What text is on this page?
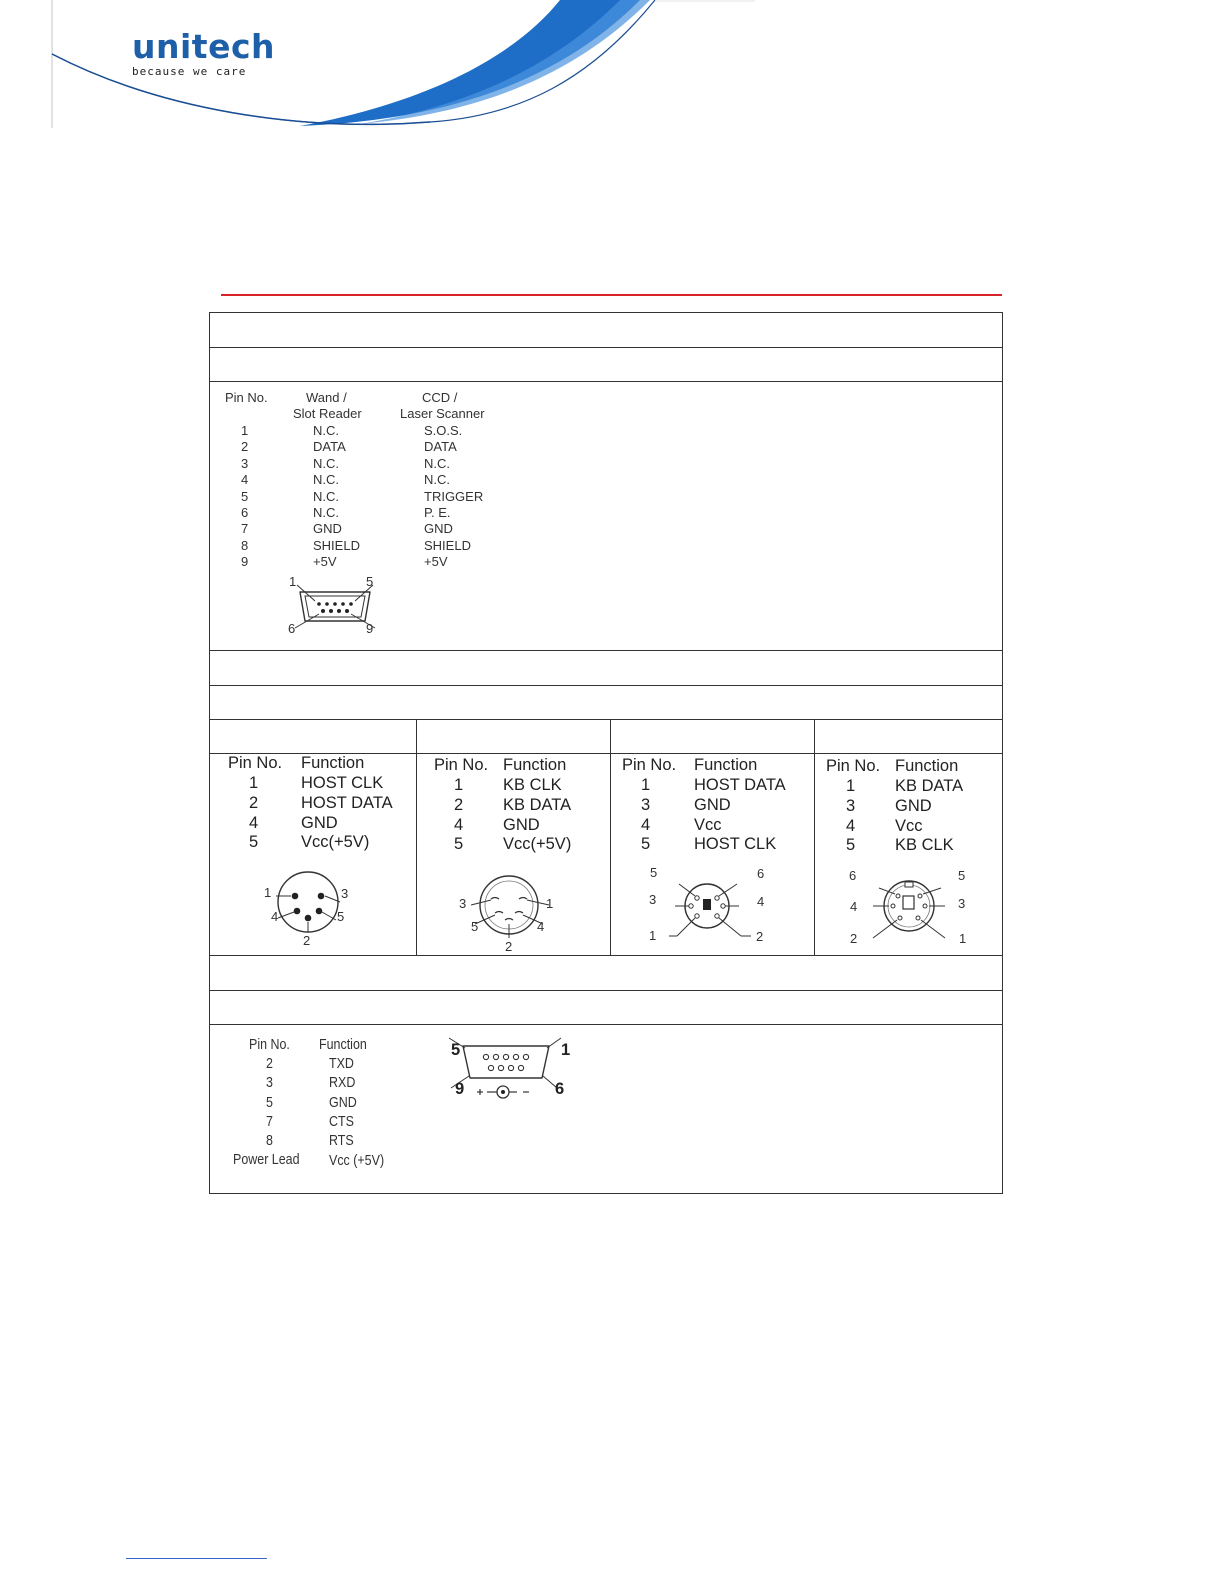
unitech
because we care
Pin No.	Wand /
Slot Reader
CCD /
Laser Scanner
1	N.C.	S.O.S.
2	DATA	DATA
3	N.C.	N.C.
4	N.C.	N.C.
5	N.C.	TRIGGER
6	N.C.	P. E.
7	GND	GND
8	SHIELD	SHIELD
9	+5V	+5V
1	5
6	9
Pin No. Function
1	HOST CLK
2	HOST DATA
4	GND
5	Vcc(+5V)
1	3
4	5
2
Pin No. Function
1 KB CLK
2 KB DATA
4 GND
5 Vcc(+5V)
3	1
5	4
2
Pin No. Function
1	HOST DATA
3	GND
4	Vcc
5	HOST CLK
5	6
3	4
1	2
Pin No. Function
1 KB DATA
3 GND
4 Vcc
5 KB CLK
6	5
4	3
2	1
Pin No. Function
2	TXD
3	RXD
5	GND
7	CTS
8	RTS
Power Lead Vcc (+5V)
5	1
9	6
